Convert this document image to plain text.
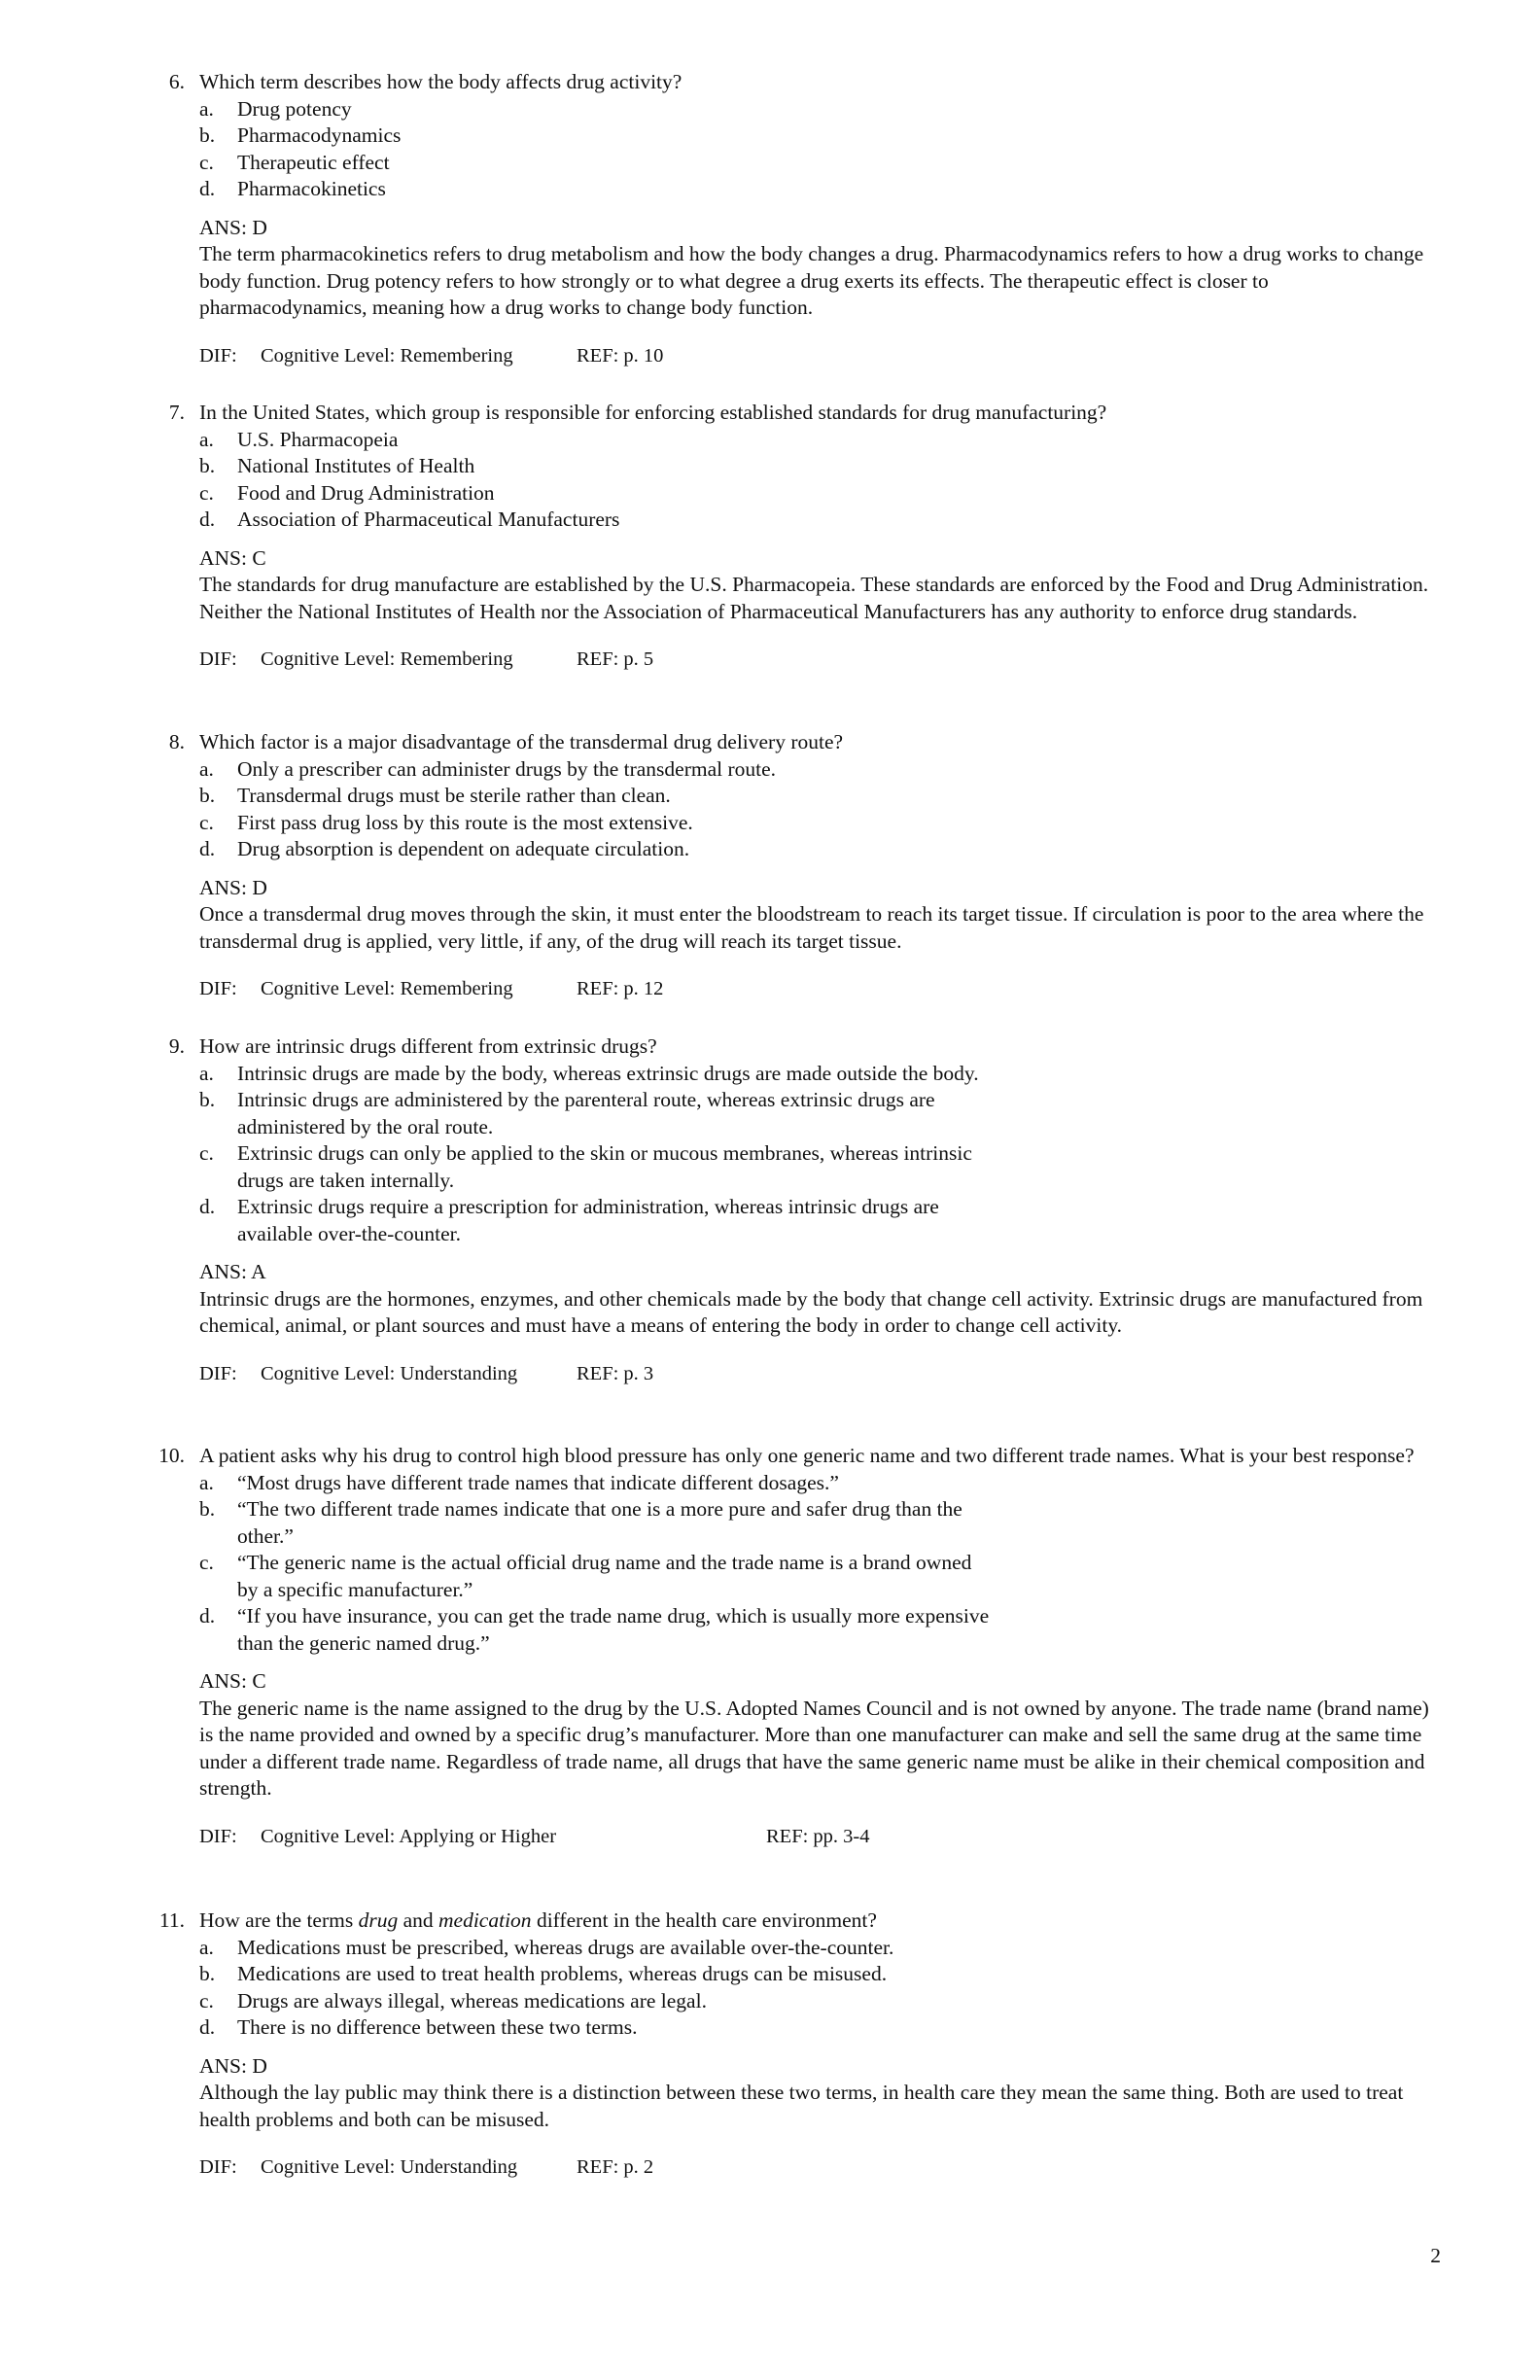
6. Which term describes how the body affects drug activity?
a. Drug potency
b. Pharmacodynamics
c. Therapeutic effect
d. Pharmacokinetics
ANS: D
The term pharmacokinetics refers to drug metabolism and how the body changes a drug. Pharmacodynamics refers to how a drug works to change body function. Drug potency refers to how strongly or to what degree a drug exerts its effects. The therapeutic effect is closer to pharmacodynamics, meaning how a drug works to change body function.
DIF: Cognitive Level: Remembering	REF: p. 10
7. In the United States, which group is responsible for enforcing established standards for drug manufacturing?
a. U.S. Pharmacopeia
b. National Institutes of Health
c. Food and Drug Administration
d. Association of Pharmaceutical Manufacturers
ANS: C
The standards for drug manufacture are established by the U.S. Pharmacopeia. These standards are enforced by the Food and Drug Administration. Neither the National Institutes of Health nor the Association of Pharmaceutical Manufacturers has any authority to enforce drug standards.
DIF: Cognitive Level: Remembering	REF: p. 5
8. Which factor is a major disadvantage of the transdermal drug delivery route?
a. Only a prescriber can administer drugs by the transdermal route.
b. Transdermal drugs must be sterile rather than clean.
c. First pass drug loss by this route is the most extensive.
d. Drug absorption is dependent on adequate circulation.
ANS: D
Once a transdermal drug moves through the skin, it must enter the bloodstream to reach its target tissue. If circulation is poor to the area where the transdermal drug is applied, very little, if any, of the drug will reach its target tissue.
DIF: Cognitive Level: Remembering	REF: p. 12
9. How are intrinsic drugs different from extrinsic drugs?
a. Intrinsic drugs are made by the body, whereas extrinsic drugs are made outside the body.
b. Intrinsic drugs are administered by the parenteral route, whereas extrinsic drugs are administered by the oral route.
c. Extrinsic drugs can only be applied to the skin or mucous membranes, whereas intrinsic drugs are taken internally.
d. Extrinsic drugs require a prescription for administration, whereas intrinsic drugs are available over-the-counter.
ANS: A
Intrinsic drugs are the hormones, enzymes, and other chemicals made by the body that change cell activity. Extrinsic drugs are manufactured from chemical, animal, or plant sources and must have a means of entering the body in order to change cell activity.
DIF: Cognitive Level: Understanding	REF: p. 3
10. A patient asks why his drug to control high blood pressure has only one generic name and two different trade names. What is your best response?
a. “Most drugs have different trade names that indicate different dosages.”
b. “The two different trade names indicate that one is a more pure and safer drug than the other.”
c. “The generic name is the actual official drug name and the trade name is a brand owned by a specific manufacturer.”
d. “If you have insurance, you can get the trade name drug, which is usually more expensive than the generic named drug.”
ANS: C
The generic name is the name assigned to the drug by the U.S. Adopted Names Council and is not owned by anyone. The trade name (brand name) is the name provided and owned by a specific drug’s manufacturer. More than one manufacturer can make and sell the same drug at the same time under a different trade name. Regardless of trade name, all drugs that have the same generic name must be alike in their chemical composition and strength.
DIF: Cognitive Level: Applying or Higher	REF: pp. 3-4
11. How are the terms drug and medication different in the health care environment?
a. Medications must be prescribed, whereas drugs are available over-the-counter.
b. Medications are used to treat health problems, whereas drugs can be misused.
c. Drugs are always illegal, whereas medications are legal.
d. There is no difference between these two terms.
ANS: D
Although the lay public may think there is a distinction between these two terms, in health care they mean the same thing. Both are used to treat health problems and both can be misused.
DIF: Cognitive Level: Understanding	REF: p. 2
2
